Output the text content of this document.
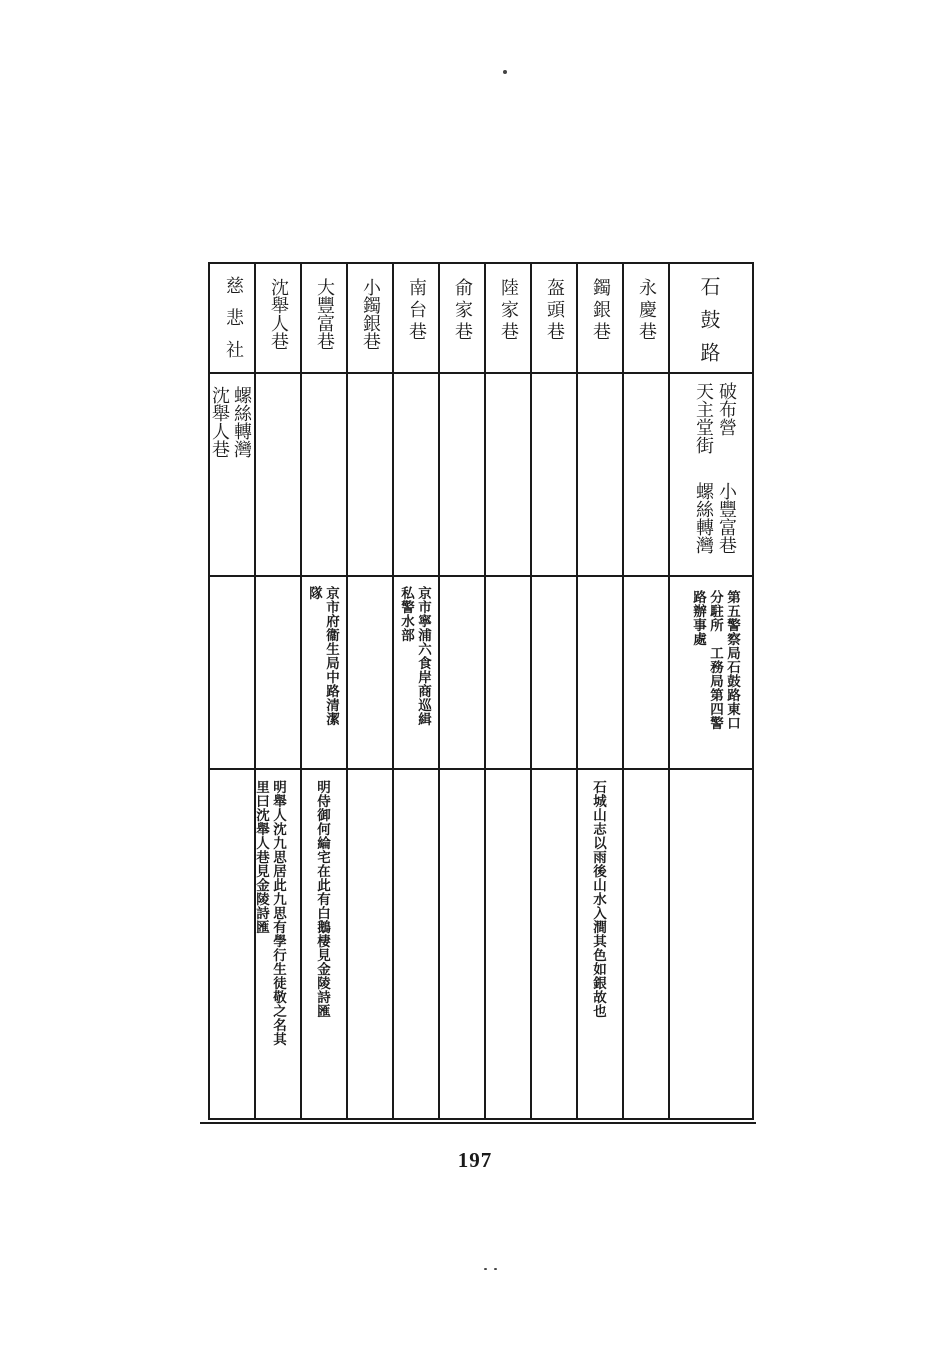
石鼓路
永慶巷
鐲銀巷
盔頭巷
陸家巷
俞家巷
南台巷
小鐲銀巷
大豐富巷
沈舉人巷
慈悲社
破布營
天主堂街
小豐富巷
螺絲轉灣
螺絲轉灣
沈舉人巷
第五警察局石鼓路東口
分駐所　工務局第四警
路辦事處
京市寧浦六食岸商巡緝
私警水部
京市府衞生局中路清潔
隊
石城山志以雨後山水入澗其色如銀故也
明侍御何綸宅在此有白鵝棲見金陵詩匯
明舉人沈九思居此九思有學行生徒敬之名其
里曰沈舉人巷見金陵詩匯
197
